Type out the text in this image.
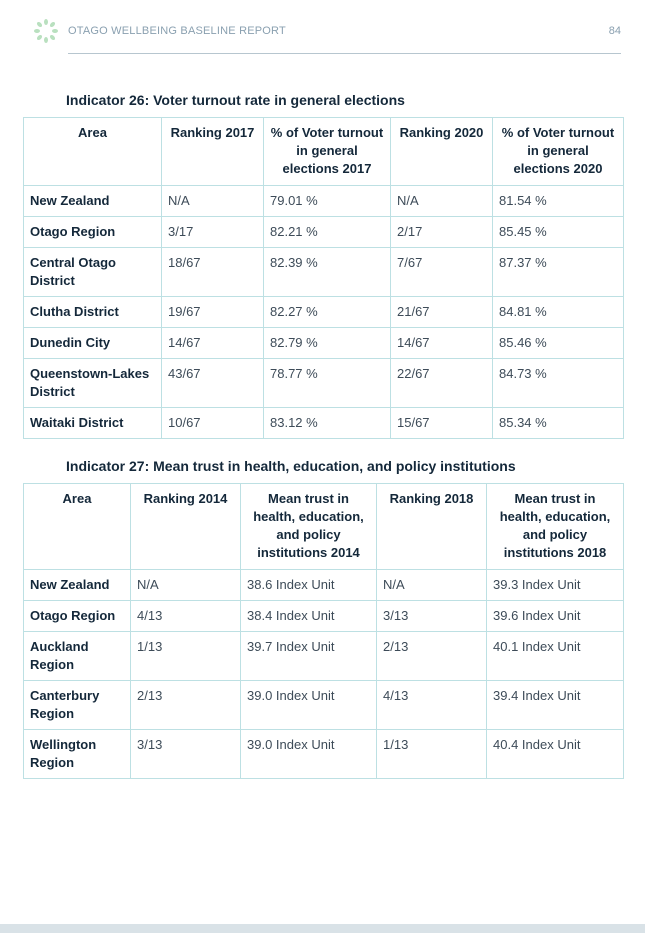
OTAGO WELLBEING BASELINE REPORT	84
Indicator 26: Voter turnout rate in general elections
Area	Ranking 2017	% of Voter turnout in general elections 2017	Ranking 2020	% of Voter turnout in general elections 2020
New Zealand	N/A	79.01 %	N/A	81.54 %
Otago Region	3/17	82.21 %	2/17	85.45 %
Central Otago District	18/67	82.39 %	7/67	87.37 %
Clutha District	19/67	82.27 %	21/67	84.81 %
Dunedin City	14/67	82.79 %	14/67	85.46 %
Queenstown-Lakes District	43/67	78.77 %	22/67	84.73 %
Waitaki District	10/67	83.12 %	15/67	85.34 %
Indicator 27: Mean trust in health, education, and policy institutions
Area	Ranking 2014	Mean trust in health, education, and policy institutions 2014	Ranking 2018	Mean trust in health, education, and policy institutions 2018
New Zealand	N/A	38.6 Index Unit	N/A	39.3 Index Unit
Otago Region	4/13	38.4 Index Unit	3/13	39.6 Index Unit
Auckland Region	1/13	39.7 Index Unit	2/13	40.1 Index Unit
Canterbury Region	2/13	39.0 Index Unit	4/13	39.4 Index Unit
Wellington Region	3/13	39.0 Index Unit	1/13	40.4 Index Unit
